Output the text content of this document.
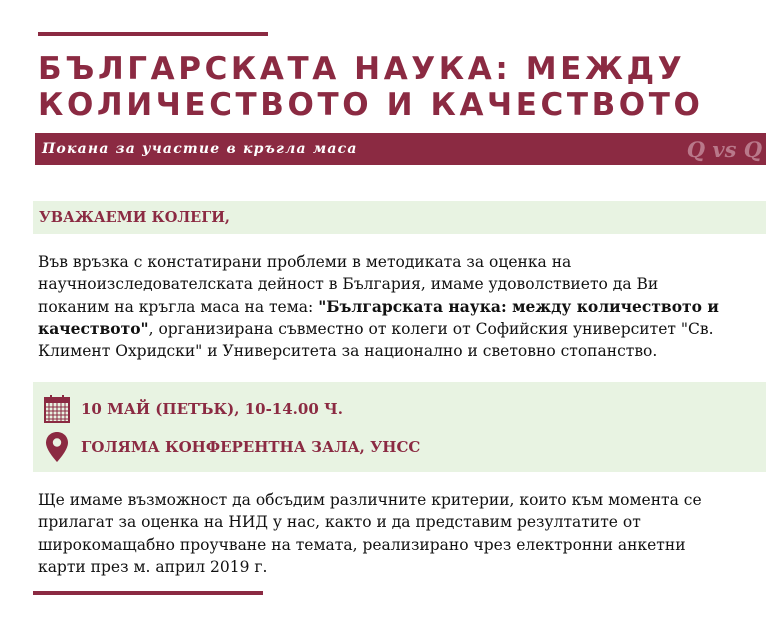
БЪЛГАРСКАТА НАУКА: МЕЖДУ
КОЛИЧЕСТВОТО И КАЧЕСТВОТО
Покана за участие в кръгла маса	Q vs Q
УВАЖАЕМИ КОЛЕГИ,

Във връзка с констатирани проблеми в методиката за оценка на научноизследователската дейност в България, имаме удоволствието да Ви поканим на кръгла маса на тема: "Българската наука: между количеството и качеството", организирана съвместно от колеги от Софийския университет "Св. Климент Охридски" и Университета за национално и световно стопанство.

10 МАЙ (ПЕТЪК), 10-14.00 Ч.
ГОЛЯМА КОНФЕРЕНТНА ЗАЛА, УНСС

Ще имаме възможност да обсъдим различните критерии, които към момента се прилагат за оценка на НИД у нас, както и да представим резултатите от широкомащабно проучване на темата, реализирано чрез електронни анкетни карти през м. април 2019 г.
